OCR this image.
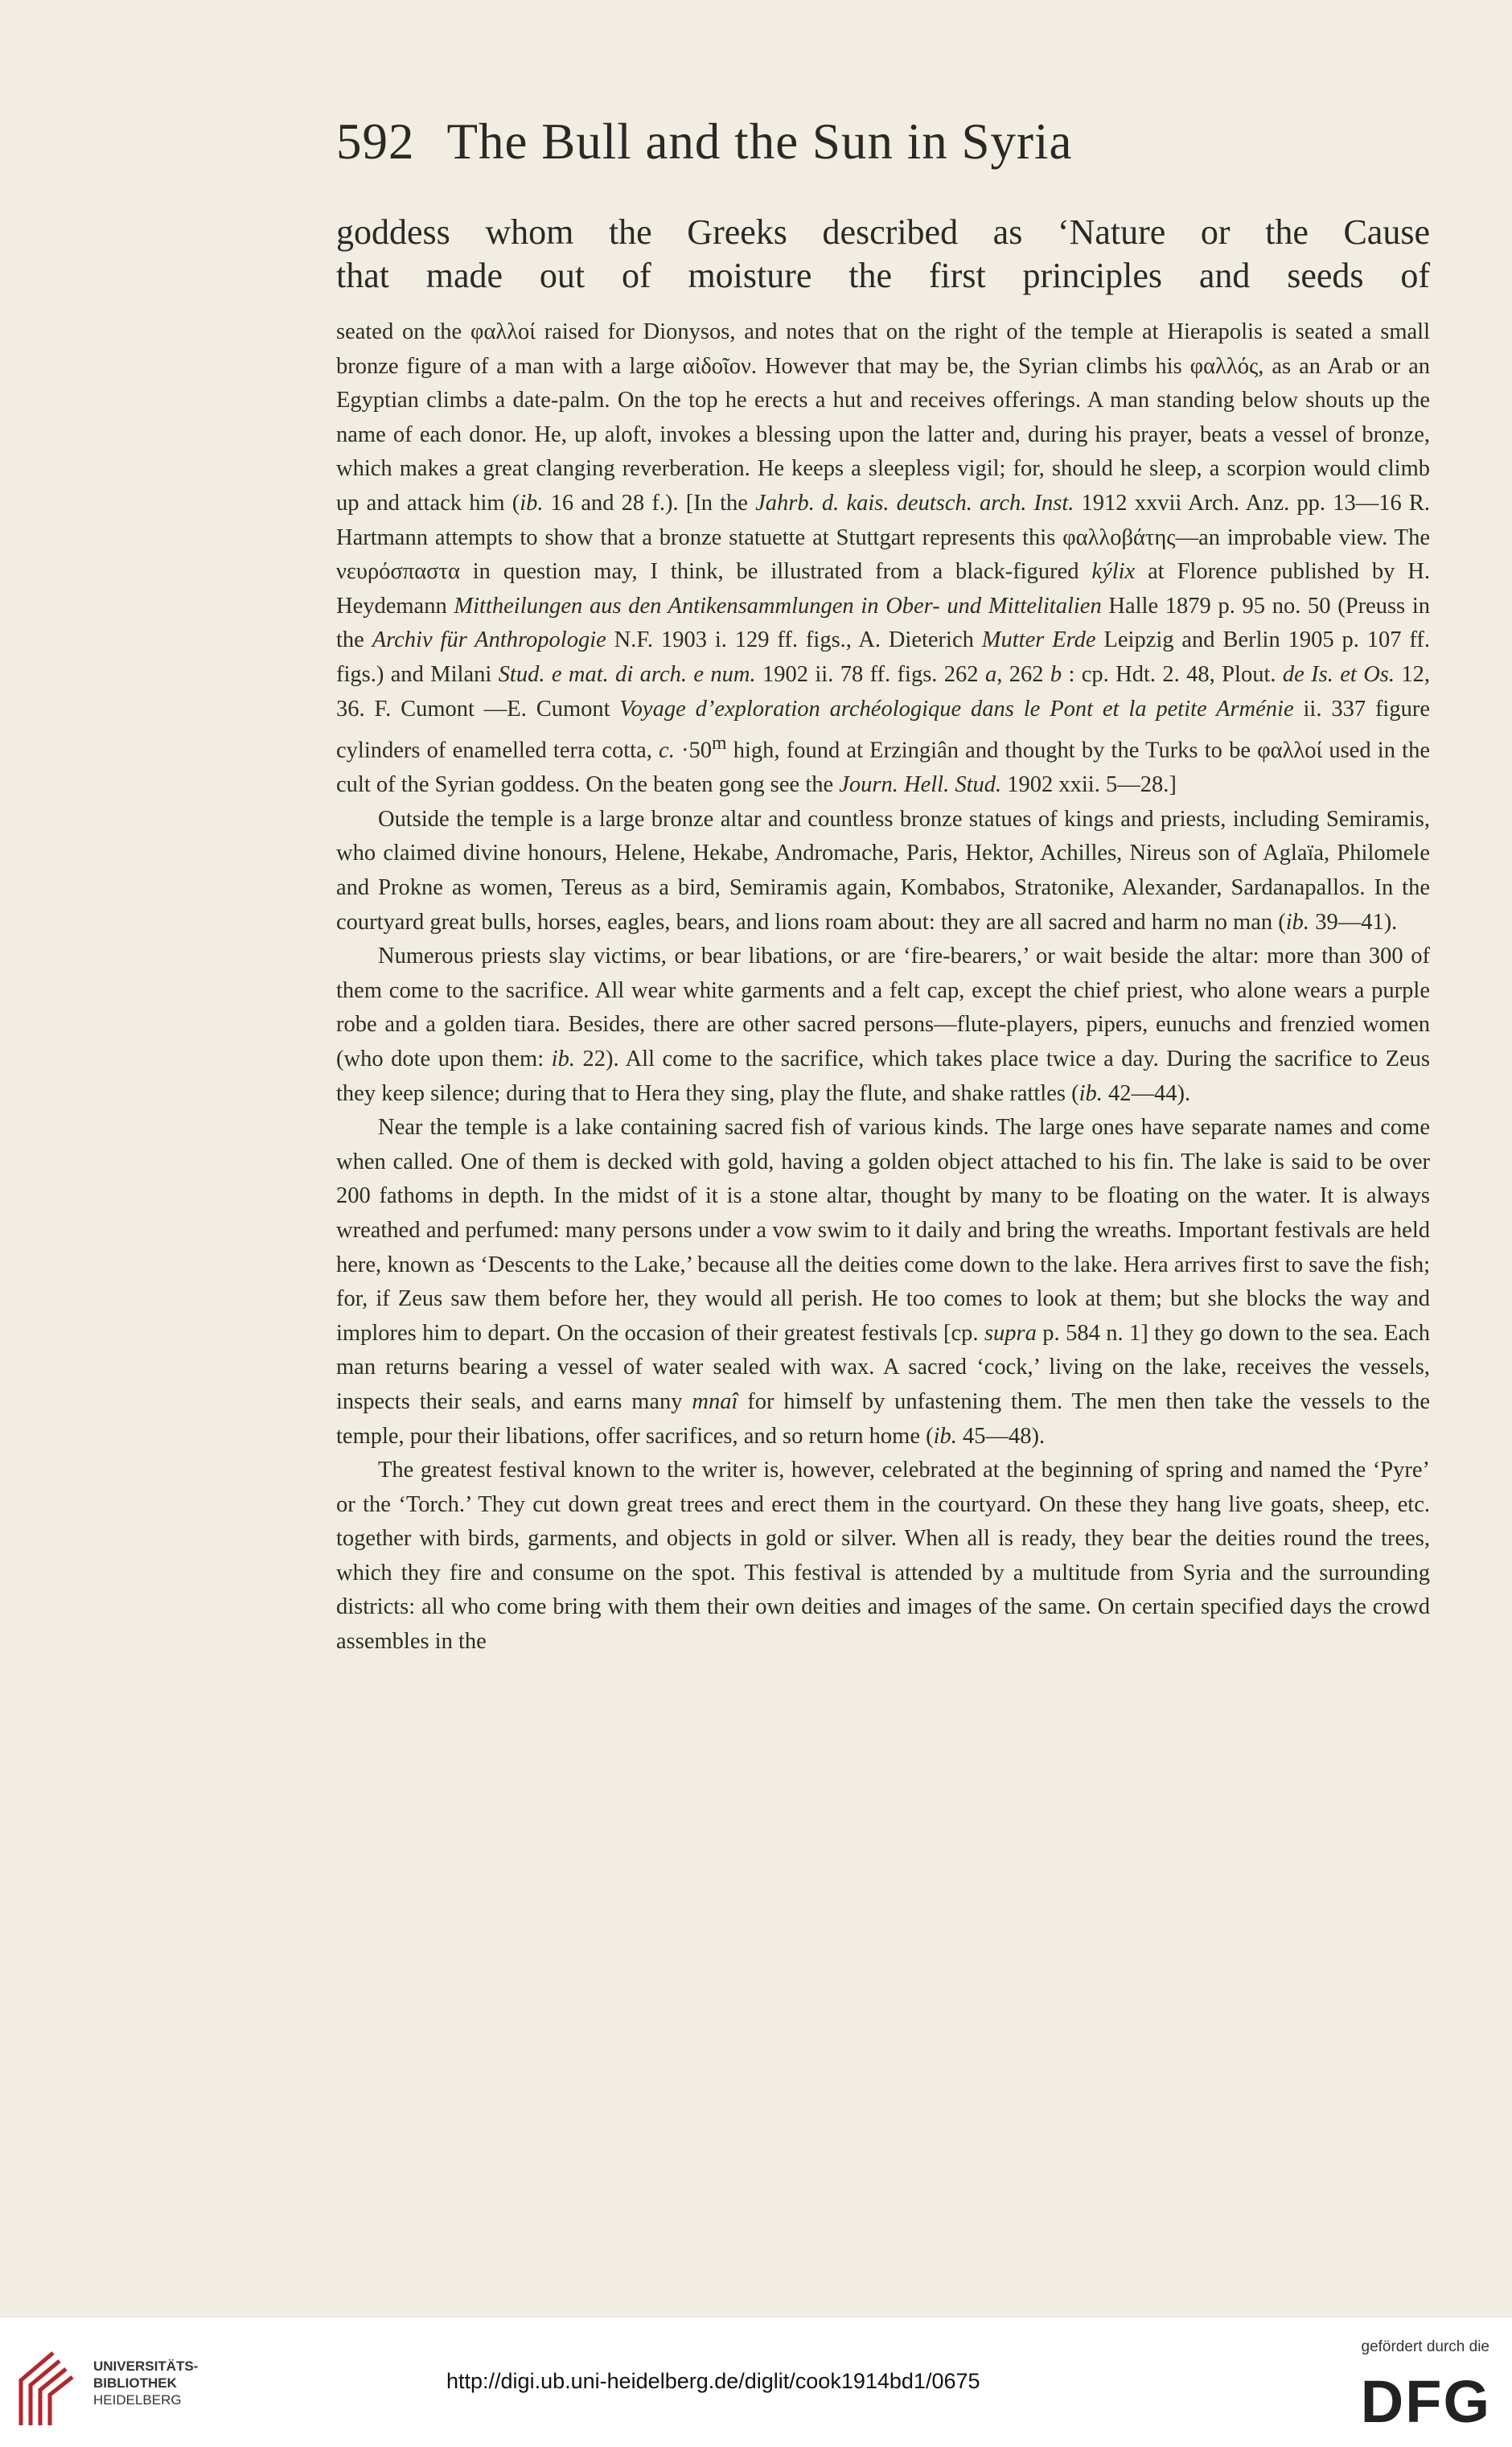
592 The Bull and the Sun in Syria

goddess whom the Greeks described as ‘Nature or the Cause

that made out of moisture the first principles and seeds of

seated on the φαλλοί raised for Dionysos, and notes that on the right of the temple at Hierapolis is seated a small bronze figure of a man with a large αἰδοῖον. However that may be, the Syrian climbs his φαλλός, as an Arab or an Egyptian climbs a date-palm. On the top he erects a hut and receives offerings. A man standing below shouts up the name of each donor. He, up aloft, invokes a blessing upon the latter and, during his prayer, beats a vessel of bronze, which makes a great clanging reverberation. He keeps a sleepless vigil; for, should he sleep, a scorpion would climb up and attack him (ib. 16 and 28 f.). [In the Jahrb. d. kais. deutsch. arch. Inst. 1912 xxvii Arch. Anz. pp. 13—16 R. Hartmann attempts to show that a bronze statuette at Stuttgart represents this φαλλοβάτης—an improbable view. The νευρόσπαστα in question may, I think, be illustrated from a black-figured kýlix at Florence published by H. Heydemann Mittheilungen aus den Antikensammlungen in Ober- und Mittelitalien Halle 1879 p. 95 no. 50 (Preuss in the Archiv für Anthropologie N.F. 1903 i. 129 ff. figs., A. Dieterich Mutter Erde Leipzig and Berlin 1905 p. 107 ff. figs.) and Milani Stud. e mat. di arch. e num. 1902 ii. 78 ff. figs. 262 a, 262 b : cp. Hdt. 2. 48, Plout. de Is. et Os. 12, 36. F. Cumont —E. Cumont Voyage d’exploration archéologique dans le Pont et la petite Arménie ii. 337 figure cylinders of enamelled terra cotta, c. $\cdot 50^m$ high, found at Erzingiân and thought by the Turks to be φαλλοί used in the cult of the Syrian goddess. On the beaten gong see the Journ. Hell. Stud. 1902 xxii. 5—28.]

Outside the temple is a large bronze altar and countless bronze statues of kings and priests, including Semiramis, who claimed divine honours, Helene, Hekabe, Andromache, Paris, Hektor, Achilles, Nireus son of Aglaïa, Philomele and Prokne as women, Tereus as a bird, Semiramis again, Kombabos, Stratonike, Alexander, Sardanapallos. In the courtyard great bulls, horses, eagles, bears, and lions roam about: they are all sacred and harm no man (ib. 39—41).

Numerous priests slay victims, or bear libations, or are ‘fire-bearers,’ or wait beside the altar: more than 300 of them come to the sacrifice. All wear white garments and a felt cap, except the chief priest, who alone wears a purple robe and a golden tiara. Besides, there are other sacred persons—flute-players, pipers, eunuchs and frenzied women (who dote upon them: ib. 22). All come to the sacrifice, which takes place twice a day. During the sacrifice to Zeus they keep silence; during that to Hera they sing, play the flute, and shake rattles (ib. 42—44).

Near the temple is a lake containing sacred fish of various kinds. The large ones have separate names and come when called. One of them is decked with gold, having a golden object attached to his fin. The lake is said to be over 200 fathoms in depth. In the midst of it is a stone altar, thought by many to be floating on the water. It is always wreathed and perfumed: many persons under a vow swim to it daily and bring the wreaths. Important festivals are held here, known as ‘Descents to the Lake,’ because all the deities come down to the lake. Hera arrives first to save the fish; for, if Zeus saw them before her, they would all perish. He too comes to look at them; but she blocks the way and implores him to depart. On the occasion of their greatest festivals [cp. supra p. 584 n. 1] they go down to the sea. Each man returns bearing a vessel of water sealed with wax. A sacred ‘cock,’ living on the lake, receives the vessels, inspects their seals, and earns many mnaî for himself by unfastening them. The men then take the vessels to the temple, pour their libations, offer sacrifices, and so return home (ib. 45—48).

The greatest festival known to the writer is, however, celebrated at the beginning of spring and named the ‘Pyre’ or the ‘Torch.’ They cut down great trees and erect them in the courtyard. On these they hang live goats, sheep, etc. together with birds, garments, and objects in gold or silver. When all is ready, they bear the deities round the trees, which they fire and consume on the spot. This festival is attended by a multitude from Syria and the surrounding districts: all who come bring with them their own deities and images of the same. On certain specified days the crowd assembles in the

UNIVERSITÄTS-
BIBLIOTHEK
HEIDELBERG
http://digi.ub.uni-heidelberg.de/diglit/cook1914bd1/0675
gefördert durch die
DFG
